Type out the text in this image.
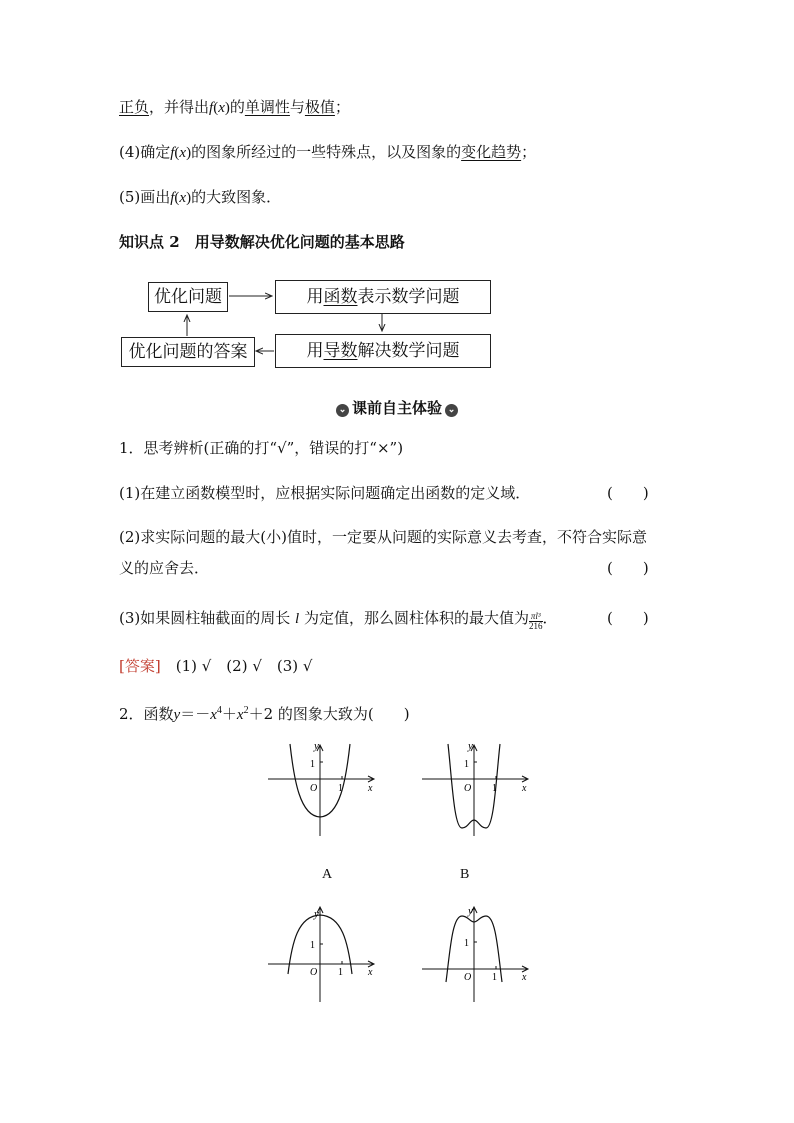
正负，并得出f(x)的单调性与极值；
(4)确定f(x)的图象所经过的一些特殊点，以及图象的变化趋势；
(5)画出f(x)的大致图象．
知识点 2　 用导数解决优化问题的基本思路
优化问题	用函数表示数学问题
优化问题的答案	用导数解决数学问题
⌄ 课前自主体验 ⌄
1．思考辨析(正确的打“√”，错误的打“×”)
(1)在建立函数模型时，应根据实际问题确定出函数的定义域．	(　　)
(2)求实际问题的最大(小)值时，一定要从问题的实际意义去考查，不符合实际意
义的应舍去．	(　　)
(3)如果圆柱轴截面的周长 l 为定值，那么圆柱体积的最大值为 $\frac{\text{πl³}}{216}$ ．	(　　)
[答案]　 (1) √　(2) √　(3) √
2．函数$y=-x^4+x^2+2$ 的图象大致为(　　)
y
1
O 1	x
A
y
1
O 1	x
B
y
1
O 1	x
y
1
O 1	x
